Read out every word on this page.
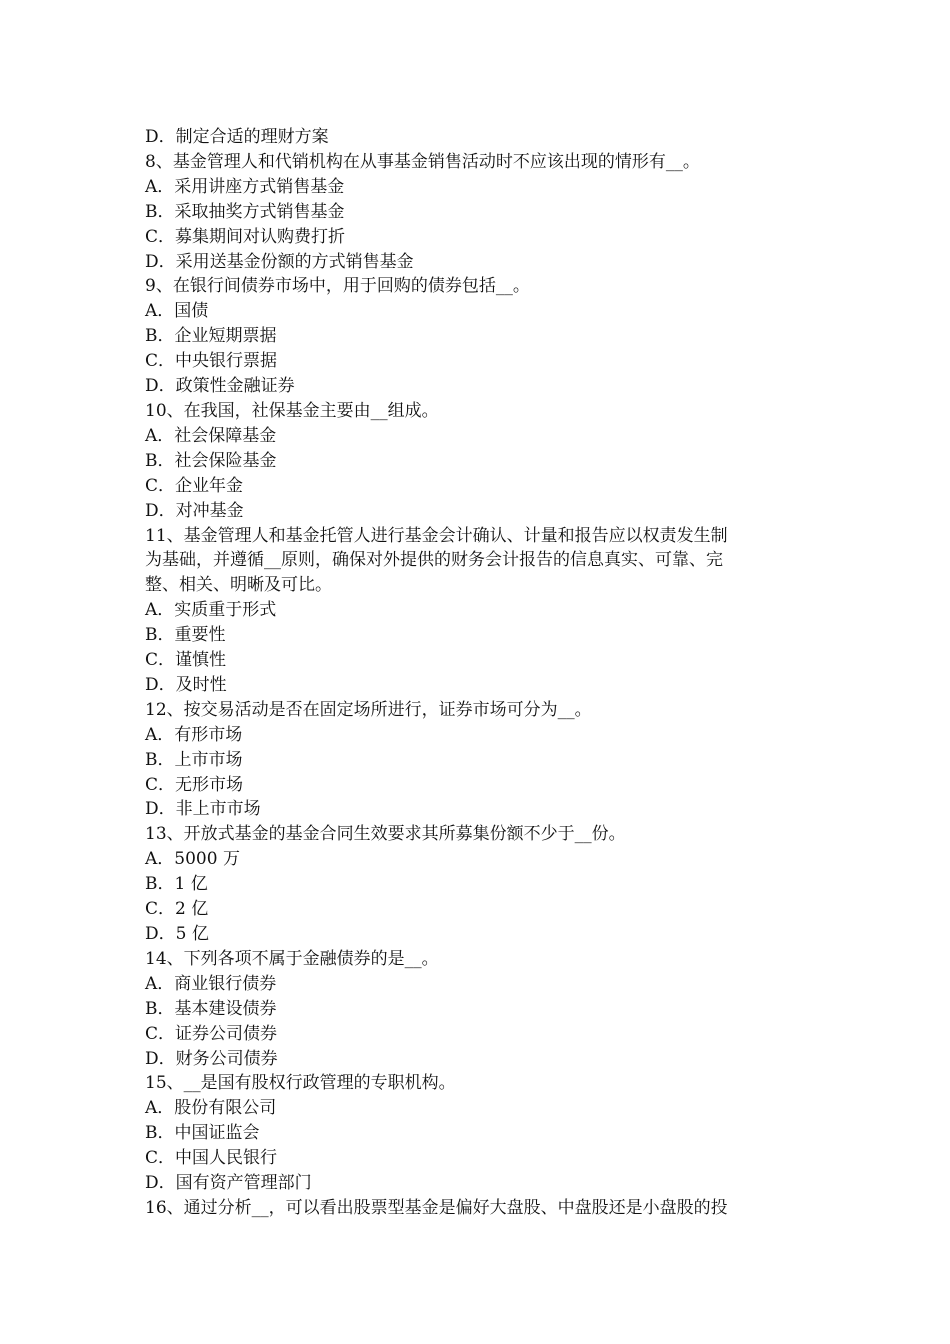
D．制定合适的理财方案

8、基金管理人和代销机构在从事基金销售活动时不应该出现的情形有__。

A．采用讲座方式销售基金

B．采取抽奖方式销售基金

C．募集期间对认购费打折

D．采用送基金份额的方式销售基金

9、在银行间债券市场中，用于回购的债券包括__。

A．国债

B．企业短期票据

C．中央银行票据

D．政策性金融证券

10、在我国，社保基金主要由__组成。

A．社会保障基金

B．社会保险基金

C．企业年金

D．对冲基金

11、基金管理人和基金托管人进行基金会计确认、计量和报告应以权责发生制

为基础，并遵循__原则，确保对外提供的财务会计报告的信息真实、可靠、完

整、相关、明晰及可比。

A．实质重于形式

B．重要性

C．谨慎性

D．及时性

12、按交易活动是否在固定场所进行，证券市场可分为__。

A．有形市场

B．上市市场

C．无形市场

D．非上市市场

13、开放式基金的基金合同生效要求其所募集份额不少于__份。

A．5000 万

B．1 亿

C．2 亿

D．5 亿

14、下列各项不属于金融债券的是__。

A．商业银行债券

B．基本建设债券

C．证券公司债券

D．财务公司债券

15、__是国有股权行政管理的专职机构。

A．股份有限公司

B．中国证监会

C．中国人民银行

D．国有资产管理部门

16、通过分析__，可以看出股票型基金是偏好大盘股、中盘股还是小盘股的投
